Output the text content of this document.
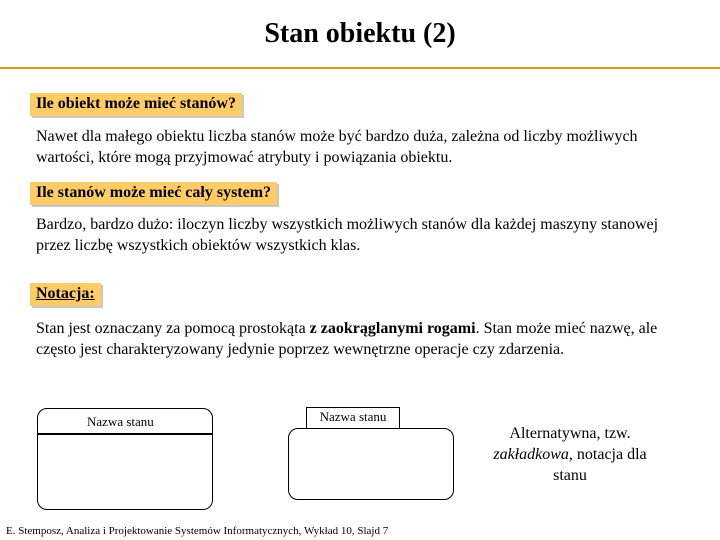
Stan obiektu (2)
Ile obiekt może mieć stanów?
Nawet dla małego obiektu liczba stanów może być bardzo duża, zależna od liczby możliwych wartości, które mogą przyjmować atrybuty i powiązania obiektu.
Ile stanów może mieć cały system?
Bardzo, bardzo dużo: iloczyn liczby wszystkich możliwych stanów dla każdej maszyny stanowej przez liczbę wszystkich obiektów wszystkich klas.
Notacja:
Stan jest oznaczany za pomocą prostokąta z zaokrąglanymi rogami. Stan może mieć nazwę, ale często jest charakteryzowany jedynie poprzez wewnętrzne operacje czy zdarzenia.
Nazwa stanu	Nazwa stanu
Alternatywna, tzw.
zakładkowa, notacja dla stanu
E. Stemposz, Analiza i Projektowanie Systemów Informatycznych, Wykład 10, Slajd 7
